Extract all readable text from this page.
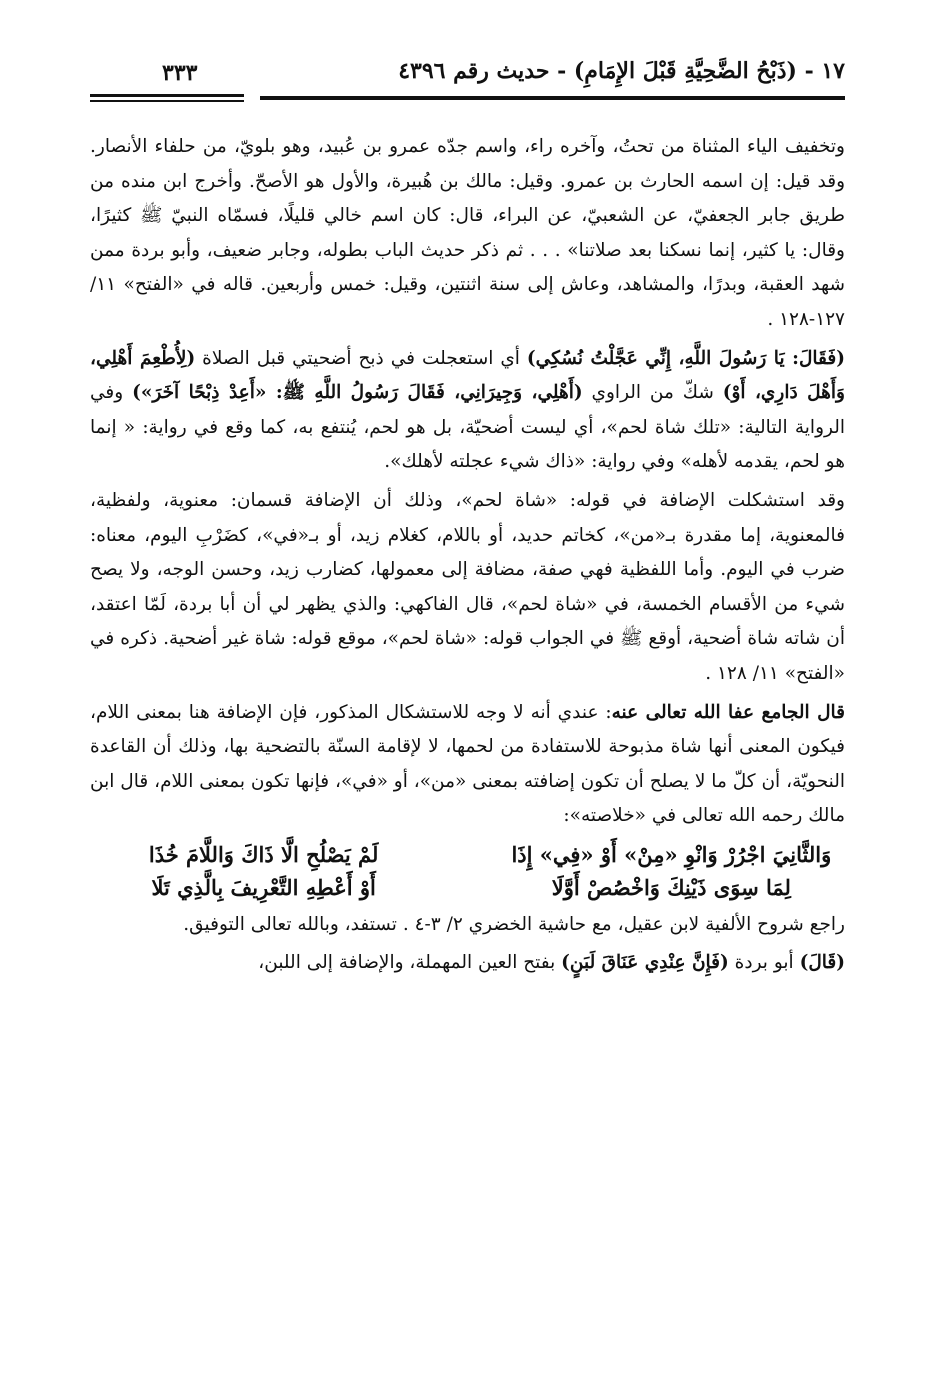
١٧ - (ذَبْحُ الضَّحِيَّةِ قَبْلَ الإِمَامِ) - حديث رقم ٤٣٩٦
٣٣٣

وتخفيف الياء المثناة من تحتُ، وآخره راء، واسم جدّه عمرو بن عُبيد، وهو بلويّ، من حلفاء الأنصار. وقد قيل: إن اسمه الحارث بن عمرو. وقيل: مالك بن هُبيرة، والأول هو الأصحّ. وأخرج ابن منده من طريق جابر الجعفيّ، عن الشعبيّ، عن البراء، قال: كان اسم خالي قليلًا، فسمّاه النبيّ ﷺ كثيرًا، وقال: يا كثير، إنما نسكنا بعد صلاتنا» . . . ثم ذكر حديث الباب بطوله، وجابر ضعيف، وأبو بردة ممن شهد العقبة، وبدرًا، والمشاهد، وعاش إلى سنة اثنتين، وقيل: خمس وأربعين. قاله في «الفتح» ١١/ ١٢٧-١٢٨ .

(فَقَالَ: يَا رَسُولَ اللَّهِ، إِنِّي عَجَّلْتُ نُسُكِي) أي استعجلت في ذبح أضحيتي قبل الصلاة (لِأُطْعِمَ أَهْلِي، وَأَهْلَ دَارِي، أَوْ) شكّ من الراوي (أَهْلِي، وَجِيرَانِي، فَقَالَ رَسُولُ اللَّهِ ﷺ: «أَعِدْ ذِبْحًا آخَرَ») وفي الرواية التالية: «تلك شاة لحم»، أي ليست أضحيّة، بل هو لحم، يُنتفع به، كما وقع في رواية: « إنما هو لحم، يقدمه لأهله» وفي رواية: «ذاك شيء عجلته لأهلك».

وقد استشكلت الإضافة في قوله: «شاة لحم»، وذلك أن الإضافة قسمان: معنوية، ولفظية، فالمعنوية، إما مقدرة بـ«من»، كخاتم حديد، أو باللام، كغلام زيد، أو بـ«في»، كضَرْبِ اليوم، معناه: ضرب في اليوم. وأما اللفظية فهي صفة، مضافة إلى معمولها، كضارب زيد، وحسن الوجه، ولا يصح شيء من الأقسام الخمسة، في «شاة لحم»، قال الفاكهي: والذي يظهر لي أن أبا بردة، لَمّا اعتقد، أن شاته شاة أضحية، أوقع ﷺ في الجواب قوله: «شاة لحم»، موقع قوله: شاة غير أضحية. ذكره في «الفتح» ١١/ ١٢٨ .

قال الجامع عفا الله تعالى عنه: عندي أنه لا وجه للاستشكال المذكور، فإن الإضافة هنا بمعنى اللام، فيكون المعنى أنها شاة مذبوحة للاستفادة من لحمها، لا لإقامة السنّة بالتضحية بها، وذلك أن القاعدة النحويّة، أن كلّ ما لا يصلح أن تكون إضافته بمعنى «من»، أو «في»، فإنها تكون بمعنى اللام، قال ابن مالك رحمه الله تعالى في «خلاصته»:

وَالثَّانِيَ اجْرُرْ وَانْوِ «مِنْ» أَوْ «فِي» إِذَا
لَمْ يَصْلُحِ الَّا ذَاكَ وَاللَّامَ خُذَا
لِمَا سِوَى ذَيْنِكَ وَاخْصُصْ أَوَّلَا
أَوْ أَعْطِهِ التَّعْرِيفَ بِالَّذِي تَلَا

راجع شروح الألفية لابن عقيل، مع حاشية الخضري ٢/ ٣-٤ . تستفد، وبالله تعالى التوفيق.

(قَالَ) أبو بردة (فَإِنَّ عِنْدِي عَنَاقَ لَبَنٍ) بفتح العين المهملة، والإضافة إلى اللبن،
